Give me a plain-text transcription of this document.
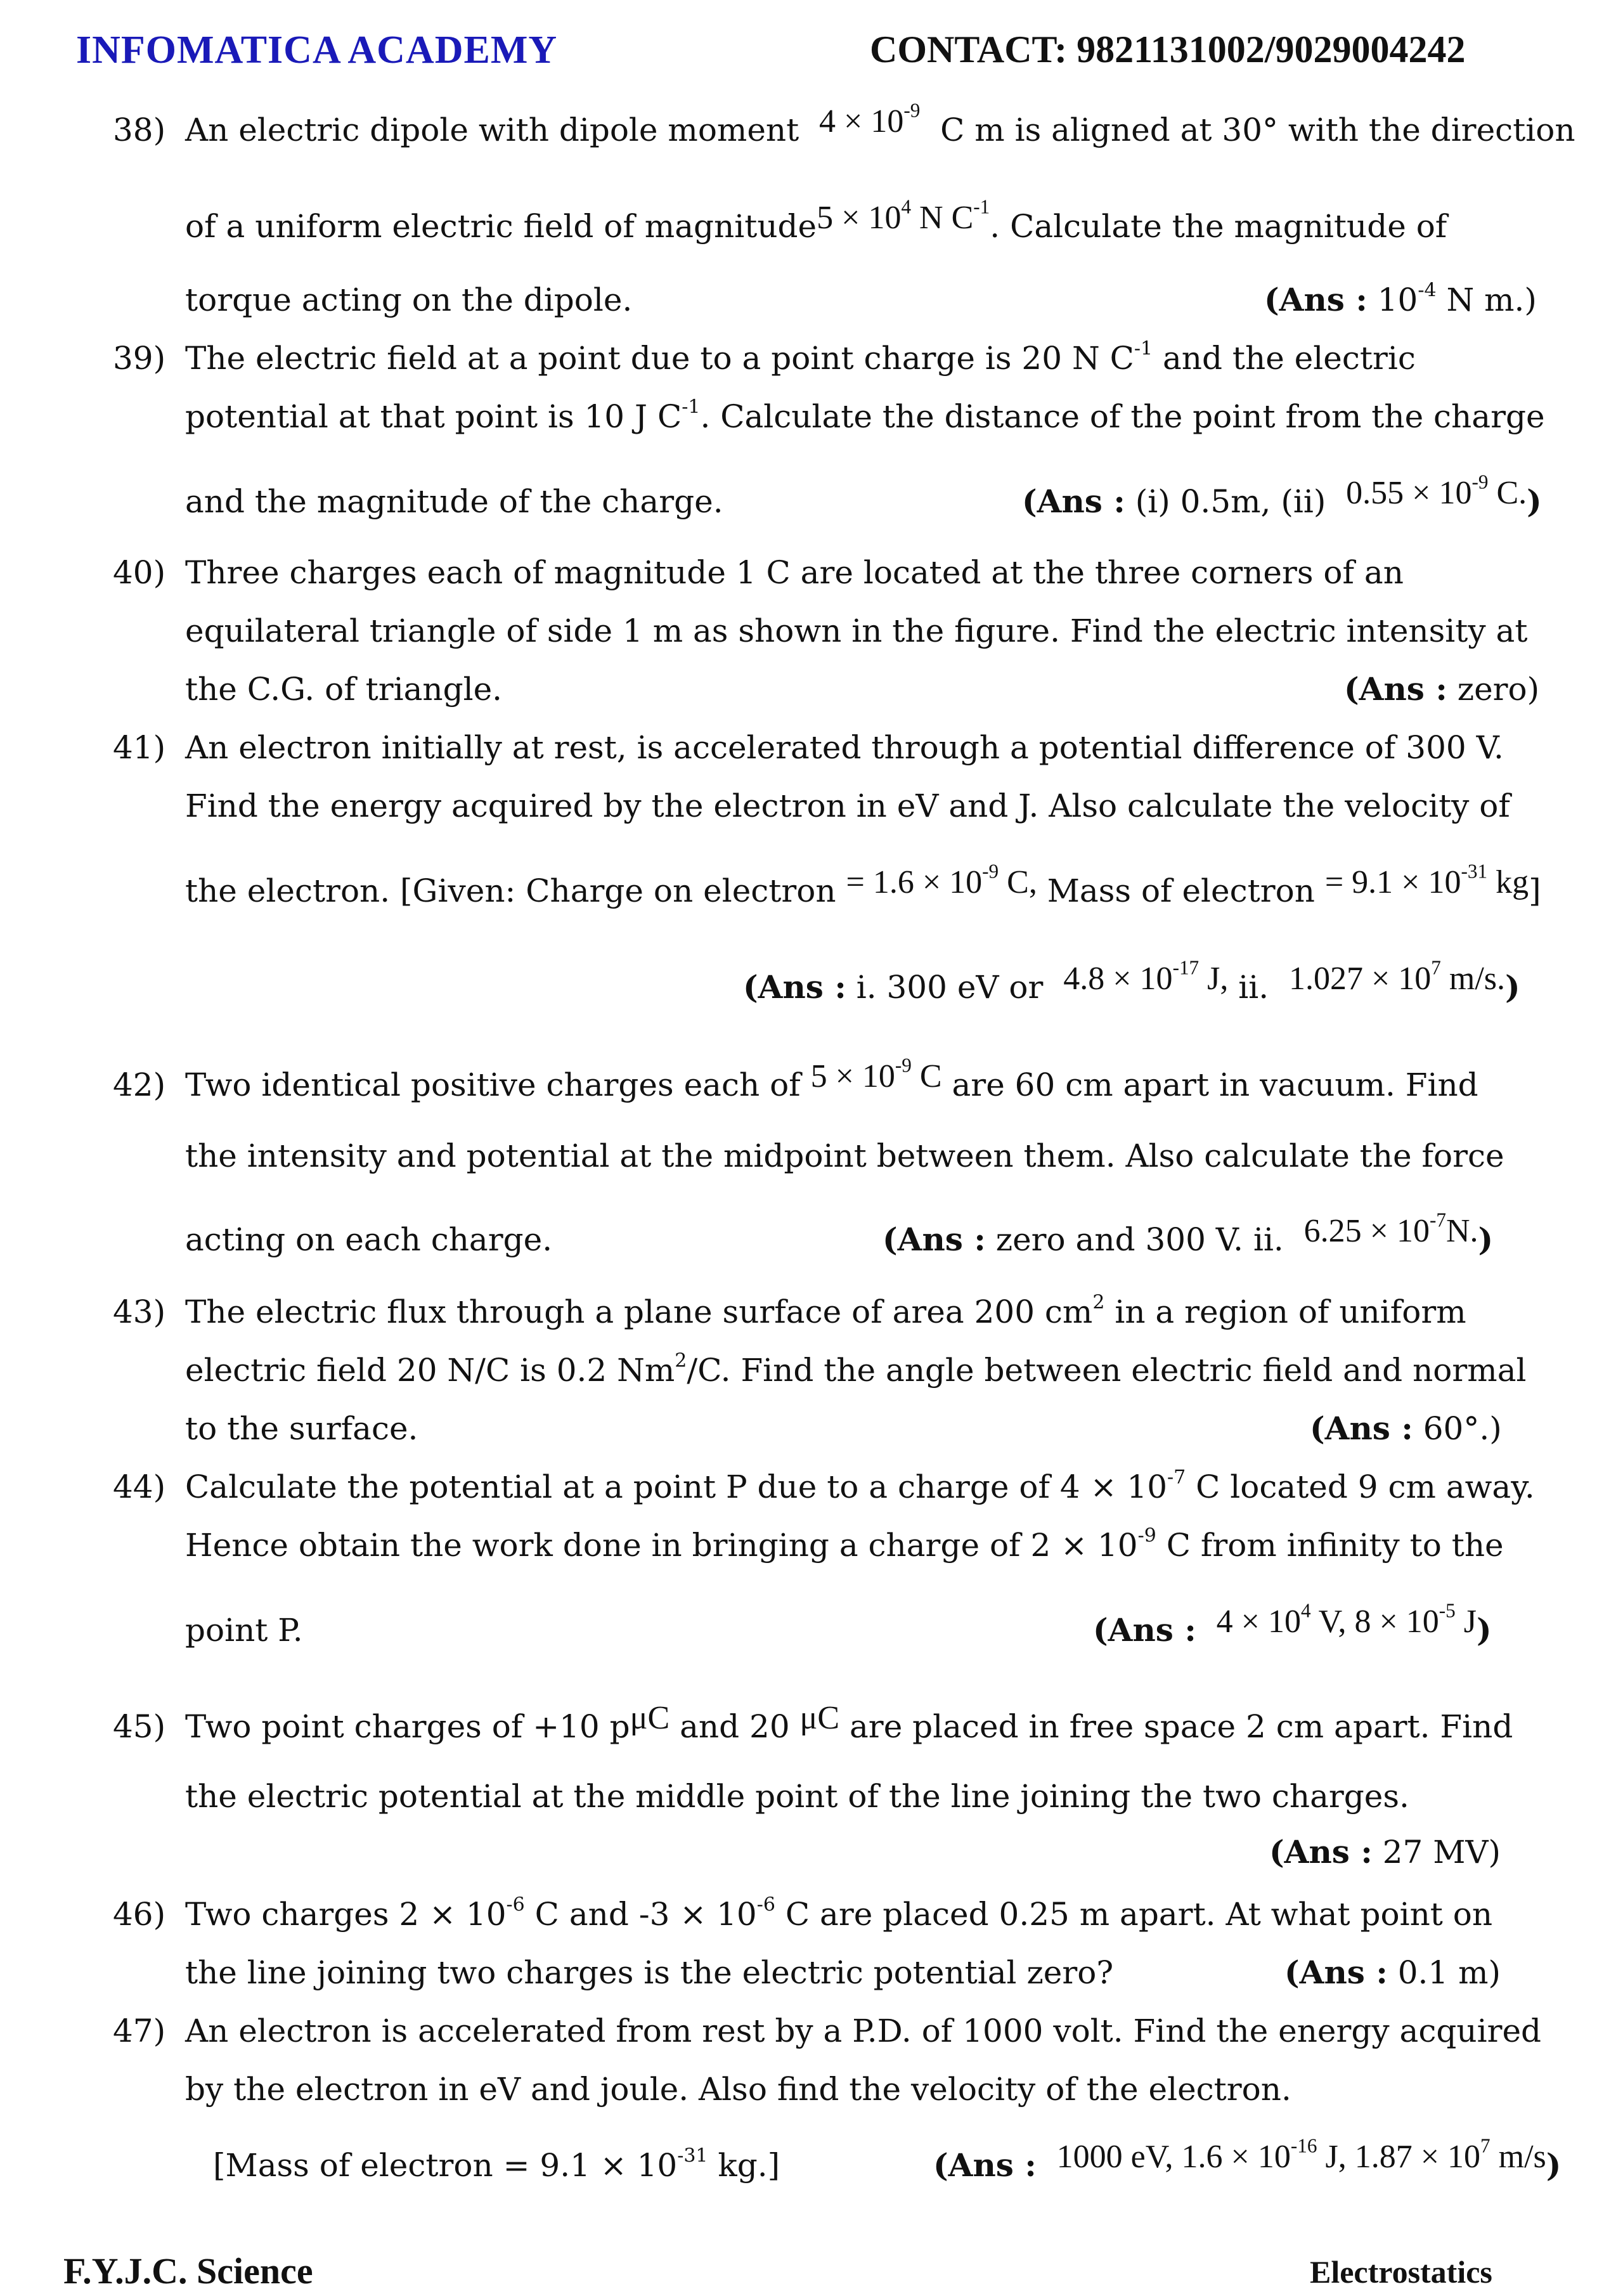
INFOMATICA ACADEMY	CONTACT: 9821131002/9029004242
38) An electric dipole with dipole moment $4 \times 10^{-9}$  C m is aligned at 30° with the direction
of a uniform electric field of magnitude5 × $10^4$ N $C^{-1}$. Calculate the magnitude of
torque acting on the dipole.	(Ans : $10^{-4}$ N m.)
39) The electric field at a point due to a point charge is 20 N $C^{-1}$ and the electric
potential at that point is 10 J $C^{-1}$. Calculate the distance of the point from the charge
and the magnitude of the charge.	(Ans : (i) 0.5m, (ii) $0.55 \times 10^{-9}$ C.)
40) Three charges each of magnitude 1 C are located at the three corners of an
equilateral triangle of side 1 m as shown in the figure. Find the electric intensity at
the C.G. of triangle.	(Ans : zero)
41) An electron initially at rest, is accelerated through a potential difference of 300 V.
Find the energy acquired by the electron in eV and J. Also calculate the velocity of
the electron. [Given: Charge on electron = $1.6 \times 10^{-9}$ C, Mass of electron = $9.1 \times 10^{-31}$ kg]
(Ans : i. 300 eV or $4.8 \times 10^{-17}$ J, ii. $1.027 \times 10^7$ m/s.)
42) Two identical positive charges each of $5 \times 10^{-9}$ C are 60 cm apart in vacuum. Find
the intensity and potential at the midpoint between them. Also calculate the force
acting on each charge.	(Ans : zero and 300 V. ii. $6.25 \times 10^{-7}N$.)
43) The electric flux through a plane surface of area 200 $cm^2$ in a region of uniform
electric field 20 N/C is 0.2 Nm$^2$/C. Find the angle between electric field and normal
to the surface.	(Ans : 60°.)
44) Calculate the potential at a point P due to a charge of $4 \times 10^{-7}$ C located 9 cm away.
Hence obtain the work done in bringing a charge of $2 \times 10^{-9}$ C from infinity to the
point P.	(Ans : $4 \times 10^4$ V, $8 \times 10^{-5}$ J)
45) Two point charges of +10 pμC and 20 μC are placed in free space 2 cm apart. Find
the electric potential at the middle point of the line joining the two charges.
(Ans : 27 MV)
46) Two charges $2 \times 10^{-6}$ C and $-3 \times 10^{-6}$ C are placed 0.25 m apart. At what point on
the line joining two charges is the electric potential zero?	(Ans : 0.1 m)
47) An electron is accelerated from rest by a P.D. of 1000 volt. Find the energy acquired
by the electron in eV and joule. Also find the velocity of the electron.
[Mass of electron = $9.1 \times 10^{-31}$ kg.]	(Ans : 1000 eV, $1.6 \times 10^{-16}$ J, $1.87 \times 10^7$ m/s)
F.Y.J.C. Science	Electrostatics
